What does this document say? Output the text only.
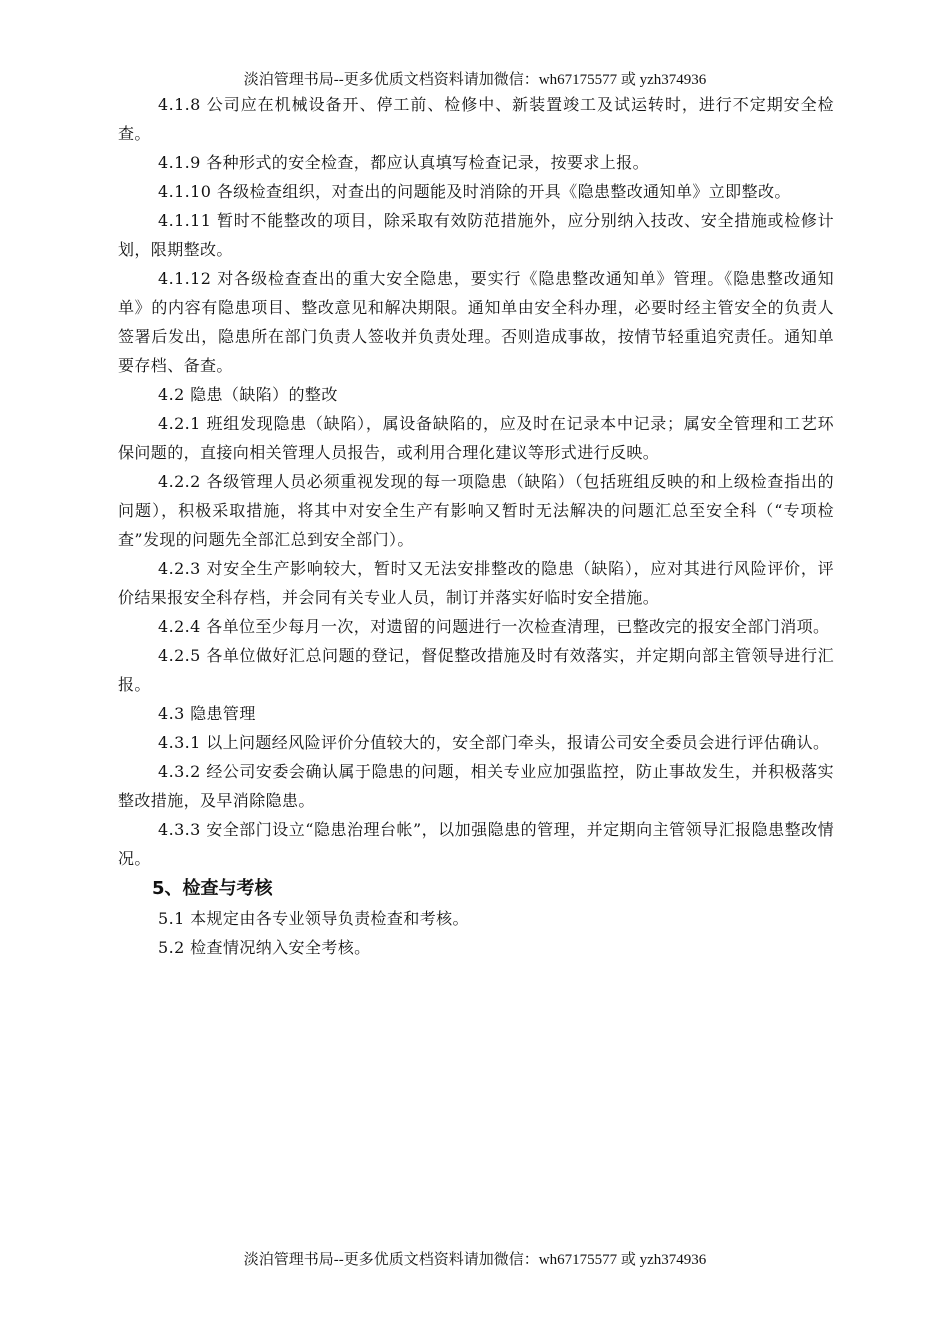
淡泊管理书局--更多优质文档资料请加微信：wh67175577 或 yzh374936

4.1.8 公司应在机械设备开、停工前、检修中、新装置竣工及试运转时，进行不定期安全检查。

4.1.9 各种形式的安全检查，都应认真填写检查记录，按要求上报。

4.1.10 各级检查组织，对查出的问题能及时消除的开具《隐患整改通知单》立即整改。

4.1.11 暂时不能整改的项目，除采取有效防范措施外，应分别纳入技改、安全措施或检修计划，限期整改。

4.1.12 对各级检查查出的重大安全隐患，要实行《隐患整改通知单》管理。《隐患整改通知单》的内容有隐患项目、整改意见和解决期限。通知单由安全科办理，必要时经主管安全的负责人签署后发出，隐患所在部门负责人签收并负责处理。否则造成事故，按情节轻重追究责任。通知单要存档、备查。

4.2 隐患（缺陷）的整改

4.2.1 班组发现隐患（缺陷），属设备缺陷的，应及时在记录本中记录；属安全管理和工艺环保问题的，直接向相关管理人员报告，或利用合理化建议等形式进行反映。

4.2.2 各级管理人员必须重视发现的每一项隐患（缺陷）（包括班组反映的和上级检查指出的问题），积极采取措施，将其中对安全生产有影响又暂时无法解决的问题汇总至安全科（“专项检查”发现的问题先全部汇总到安全部门）。

4.2.3 对安全生产影响较大，暂时又无法安排整改的隐患（缺陷），应对其进行风险评价，评价结果报安全科存档，并会同有关专业人员，制订并落实好临时安全措施。

4.2.4 各单位至少每月一次，对遗留的问题进行一次检查清理，已整改完的报安全部门消项。

4.2.5 各单位做好汇总问题的登记，督促整改措施及时有效落实，并定期向部主管领导进行汇报。

4.3 隐患管理

4.3.1 以上问题经风险评价分值较大的，安全部门牵头，报请公司安全委员会进行评估确认。

4.3.2 经公司安委会确认属于隐患的问题，相关专业应加强监控，防止事故发生，并积极落实整改措施，及早消除隐患。

4.3.3 安全部门设立“隐患治理台帐”，以加强隐患的管理，并定期向主管领导汇报隐患整改情况。

5、检查与考核

5.1 本规定由各专业领导负责检查和考核。

5.2 检查情况纳入安全考核。

淡泊管理书局--更多优质文档资料请加微信：wh67175577 或 yzh374936
